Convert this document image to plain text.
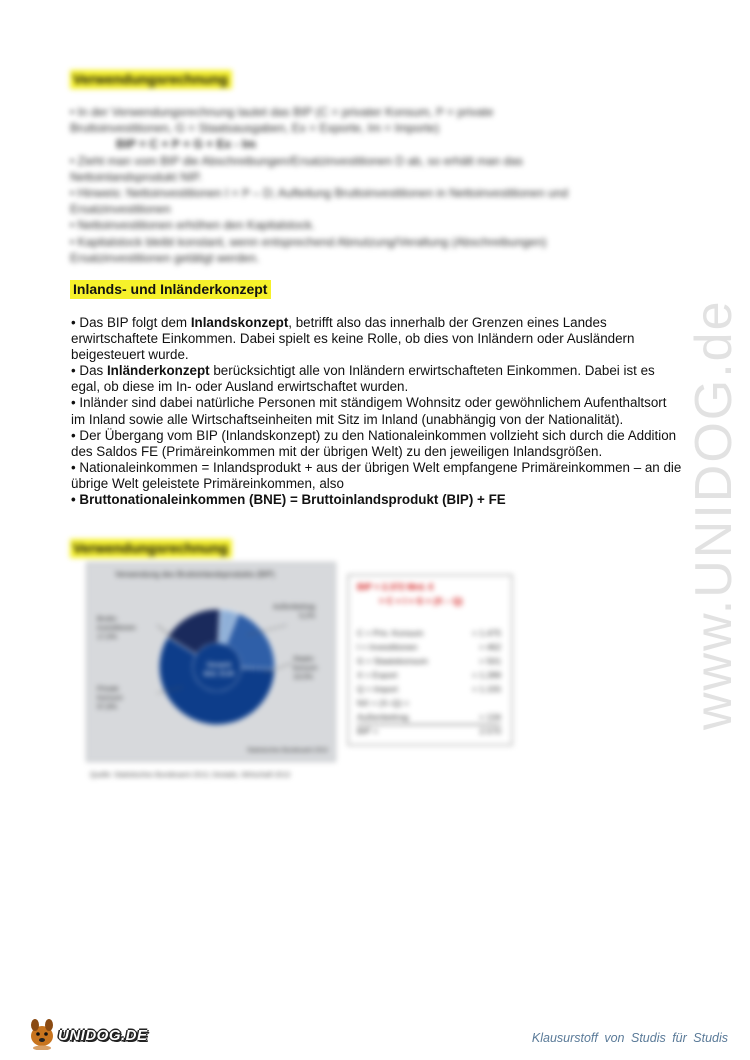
Verwendungsrechnung

• In der Verwendungsrechnung lautet das BIP (C = privater Konsum, Iᵇ = private

Bruttoinvestitionen, G = Staatsausgaben, Ex = Exporte, Im = Importe)

BIP = C + Iᵇ + G + Ex - Im

• Zieht man vom BIP die Abschreibungen/Ersatzinvestitionen D ab, so erhält man das

Nettoinlandsprodukt NIP.

• Hinweis: Nettoinvestitionen I = Iᵇ – D; Aufteilung Bruttoinvestitionen in Nettoinvestitionen und

Ersatzinvestitionen

• Nettoinvestitionen erhöhen den Kapitalstock.

• Kapitalstock bleibt konstant, wenn entsprechend Abnutzung/Veraltung (Abschreibungen)

Ersatzinvestitionen getätigt werden.

Inlands- und Inländerkonzept

• Das BIP folgt dem Inlandskonzept, betrifft also das innerhalb der Grenzen eines Landes erwirtschaftete Einkommen. Dabei spielt es keine Rolle, ob dies von Inländern oder Ausländern beigesteuert wurde.

• Das Inländerkonzept berücksichtigt alle von Inländern erwirtschafteten Einkommen. Dabei ist es egal, ob diese im In- oder Ausland erwirtschaftet wurden.

• Inländer sind dabei natürliche Personen mit ständigem Wohnsitz oder gewöhnlichem Aufenthaltsort im Inland sowie alle Wirtschaftseinheiten mit Sitz im Inland (unabhängig von der Nationalität).

• Der Übergang vom BIP (Inlandskonzept) zu den Nationaleinkommen vollzieht sich durch die Addition des Saldos FE (Primäreinkommen mit der übrigen Welt) zu den jeweiligen Inlandsgrößen.

• Nationaleinkommen = Inlandsprodukt + aus der übrigen Welt empfangene Primäreinkommen – an die übrige Welt geleistete Primäreinkommen, also

• Bruttonationaleinkommen (BNE) = Bruttoinlandsprodukt (BIP) + FE

Verwendungsrechnung
Verwendung des Bruttoinlandsprodukts (BIP)
Brutto-
investitionen
17,0%
Außenbeitrag
5,2%
Staats-
konsum
19,5%
Private
Konsum
57,8%
Gesamt
Mrd. EUR
Statistisches Bundesamt 2013
Quelle: Statistisches Bundesamt 2013, Destatis, Wirtschaft 2013
BIP = 2.372 Mrd. €
= C + I + G + (X – Q)
C = Priv. Konsum	= 1.475
I = Investitionen	= 462
G = Staatskonsum	= 501
X = Export	= 1.289
Q = Import	= 1.155
NX = (X–Q) =
Außenbeitrag	= 134
BIP =	2.570
www.UNIDOG.de
UNIDOG.DE	Klausurstoff von Studis für Studis
